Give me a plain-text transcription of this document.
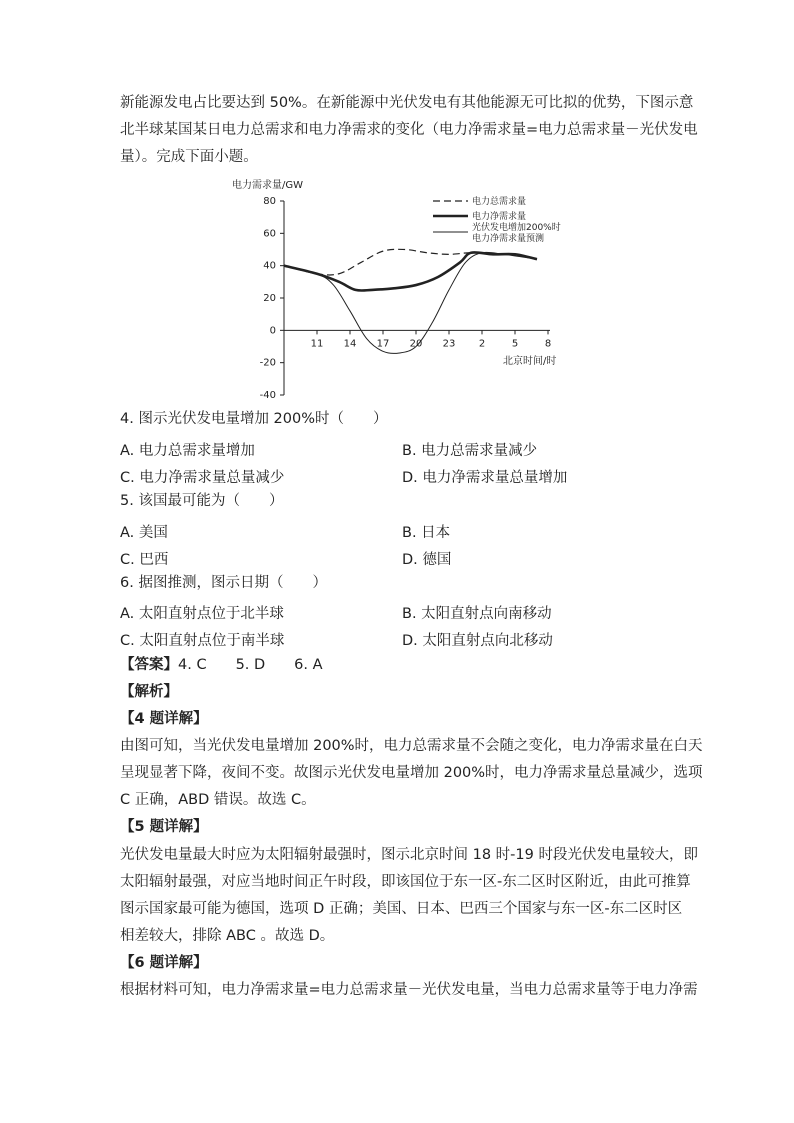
新能源发电占比要达到 50%。在新能源中光伏发电有其他能源无可比拟的优势，下图示意
北半球某国某日电力总需求和电力净需求的变化（电力净需求量=电力总需求量－光伏发电
量）。完成下面小题。
电力需求量/GW
北京时间/时
80
60
40
20
0
-20
-40
11 14 17 20 23 2	5	8
电力总需求量
电力净需求量
光伏发电增加200%时
电力净需求量预测
4. 图示光伏发电量增加 200%时（　　）
A. 电力总需求量增加	B. 电力总需求量减少
C. 电力净需求量总量减少	D. 电力净需求量总量增加
5. 该国最可能为（　　）
A. 美国	B. 日本
C. 巴西	D. 德国
6. 据图推测，图示日期（　　）
A. 太阳直射点位于北半球	B. 太阳直射点向南移动
C. 太阳直射点位于南半球	D. 太阳直射点向北移动
【答案】4. C　　5. D　　6. A
【解析】
【4 题详解】
由图可知，当光伏发电量增加 200%时，电力总需求量不会随之变化，电力净需求量在白天
呈现显著下降，夜间不变。故图示光伏发电量增加 200%时，电力净需求量总量减少，选项
C 正确，ABD 错误。故选 C。
【5 题详解】
光伏发电量最大时应为太阳辐射最强时，图示北京时间 18 时-19 时段光伏发电量较大，即
太阳辐射最强，对应当地时间正午时段，即该国位于东一区-东二区时区附近，由此可推算
图示国家最可能为德国，选项 D 正确；美国、日本、巴西三个国家与东一区-东二区时区
相差较大，排除 ABC 。故选 D。
【6 题详解】
根据材料可知，电力净需求量=电力总需求量－光伏发电量，当电力总需求量等于电力净需
